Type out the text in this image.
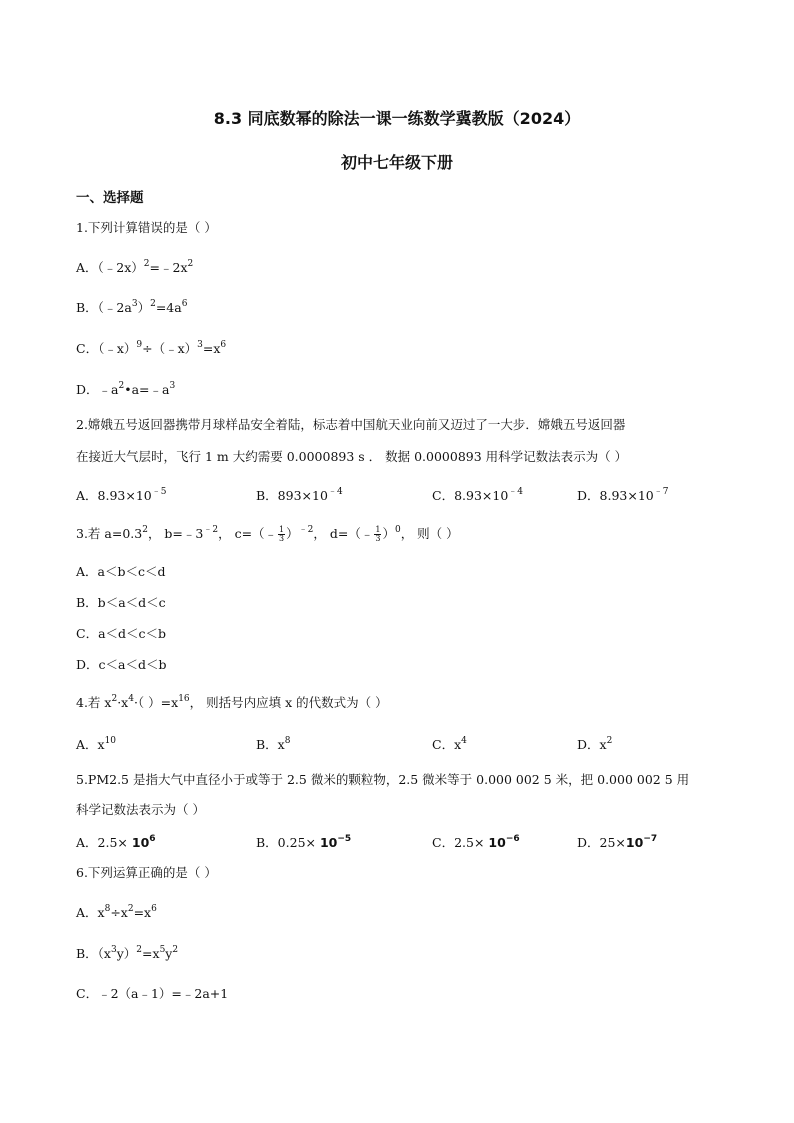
8.3 同底数幂的除法一课一练数学冀教版（2024）
初中七年级下册
一、选择题
1.下列计算错误的是（ ）
A．$(﹣2x)^2=﹣2x^2$
B．$(﹣2a^3)^2=4a^6$
C．$(﹣x)^9\div(﹣x)^3=x^6$
D．$﹣a^2•a=﹣a^3$
2.嫦娥五号返回器携带月球样品安全着陆，标志着中国航天业向前又迈过了一大步．嫦娥五号返回器
在接近大气层时，飞行 1 m 大约需要 0.0000893 s ． 数据 0.0000893 用科学记数法表示为（ ）
A．$8.93\times 10^{﹣5}$	B．$893\times 10^{﹣4}$	C．$8.93\times 10^{﹣4}$	D．$8.93\times 10^{﹣7}$
3.若 $a=0.3^2$， $b=﹣3^{﹣2}$， c=（﹣ $\frac{1}{3} )^{﹣2}$， d=（﹣ $\frac{1}{3} )^0$， 则（ ）
A．a＜b＜c＜d
B．b＜a＜d＜c
C．a＜d＜c＜b
D．c＜a＜d＜b
4.若 $x^2\cdot x^4\cdot$（ ）$=x^{16}$， 则括号内应填 x 的代数式为（ ）
A．$x^{10}$	B．$x^8$	C．$x^4$	D．$x^2$
5.PM2.5 是指大气中直径小于或等于 2.5 微米的颗粒物，2.5 微米等于 0.000 002 5 米，把 0.000 002 5 用
科学记数法表示为（ ）
A．$2.5\times 10^6$	B．$0.25\times 10^{-5}$	C．$2.5\times 10^{-6}$	D．$25\times 10^{-7}$
6.下列运算正确的是（ ）
A．$x^8\div x^2=x^6$
B．$(x^3y)^2=x^5y^2$
C．﹣2（a﹣1）=﹣2a+1
